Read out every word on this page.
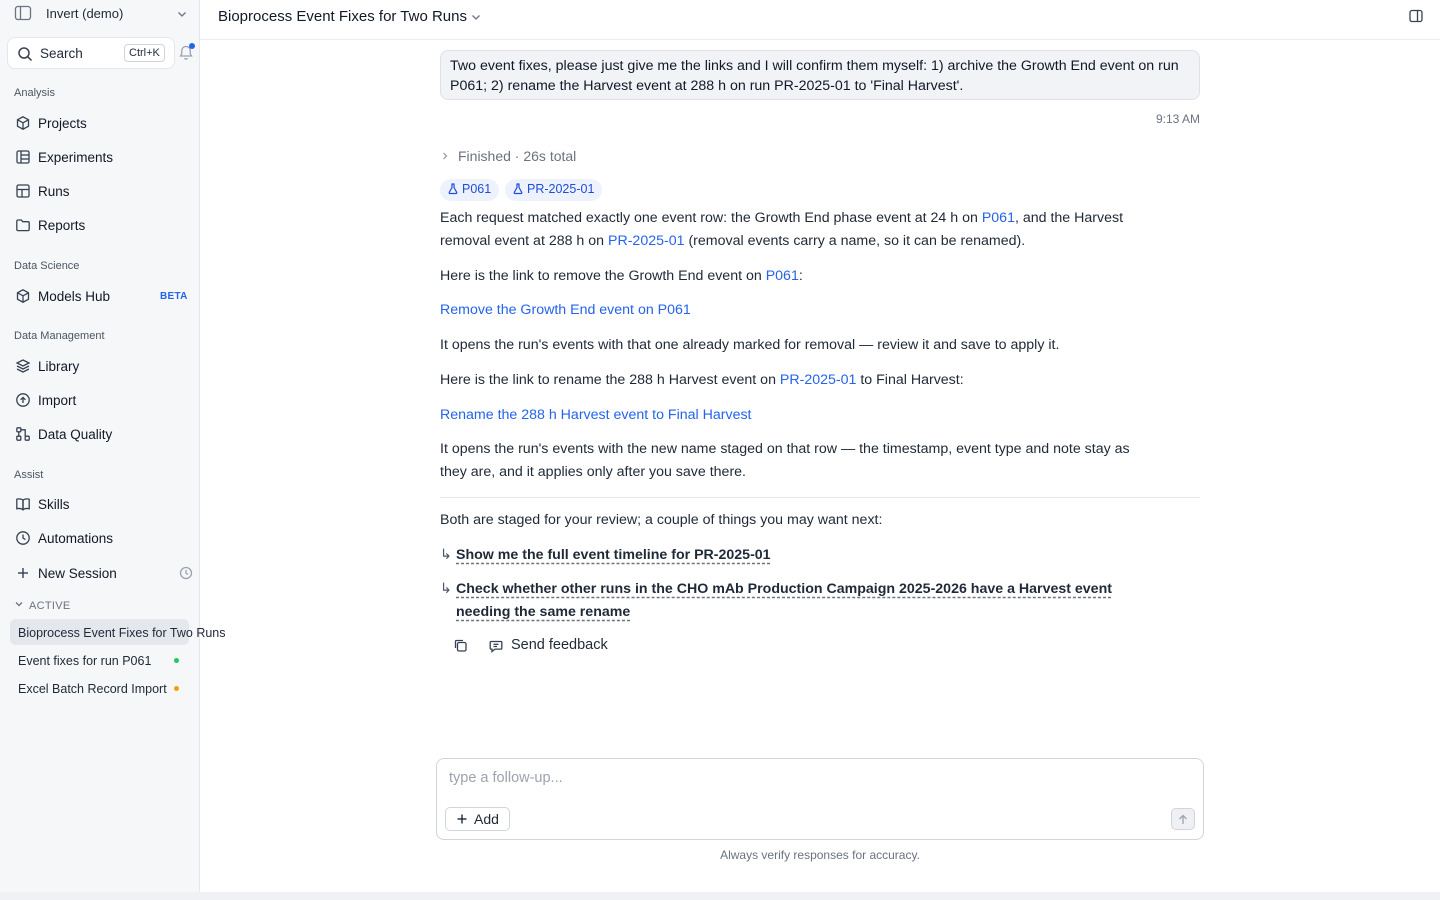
Invert (demo)
Search	Ctrl+K
Analysis
Projects
Experiments
Runs
Reports
Data Science
Models Hub	BETA
Data Management
Library
Import
Data Quality
Assist
Skills
Automations
New Session
ACTIVE
Bioprocess Event Fixes for Two Runs
Event fixes for run P061
Excel Batch Record Import
Bioprocess Event Fixes for Two Runs
Two event fixes, please just give me the links and I will confirm them myself: 1) archive the Growth End event on run P061; 2) rename the Harvest event at 288 h on run PR-2025-01 to 'Final Harvest'.
9:13 AM
Finished · 26s total
P061	PR-2025-01
Each request matched exactly one event row: the Growth End phase event at 24 h on P061, and the Harvest removal event at 288 h on PR-2025-01 (removal events carry a name, so it can be renamed).
Here is the link to remove the Growth End event on P061:
Remove the Growth End event on P061
It opens the run's events with that one already marked for removal — review it and save to apply it.
Here is the link to rename the 288 h Harvest event on PR-2025-01 to Final Harvest:
Rename the 288 h Harvest event to Final Harvest
It opens the run's events with the new name staged on that row — the timestamp, event type and note stay as they are, and it applies only after you save there.
Both are staged for your review; a couple of things you may want next:
↳ Show me the full event timeline for PR-2025-01
↳ Check whether other runs in the CHO mAb Production Campaign 2025-2026 have a Harvest event needing the same rename
Send feedback
type a follow-up...
Add
Always verify responses for accuracy.
